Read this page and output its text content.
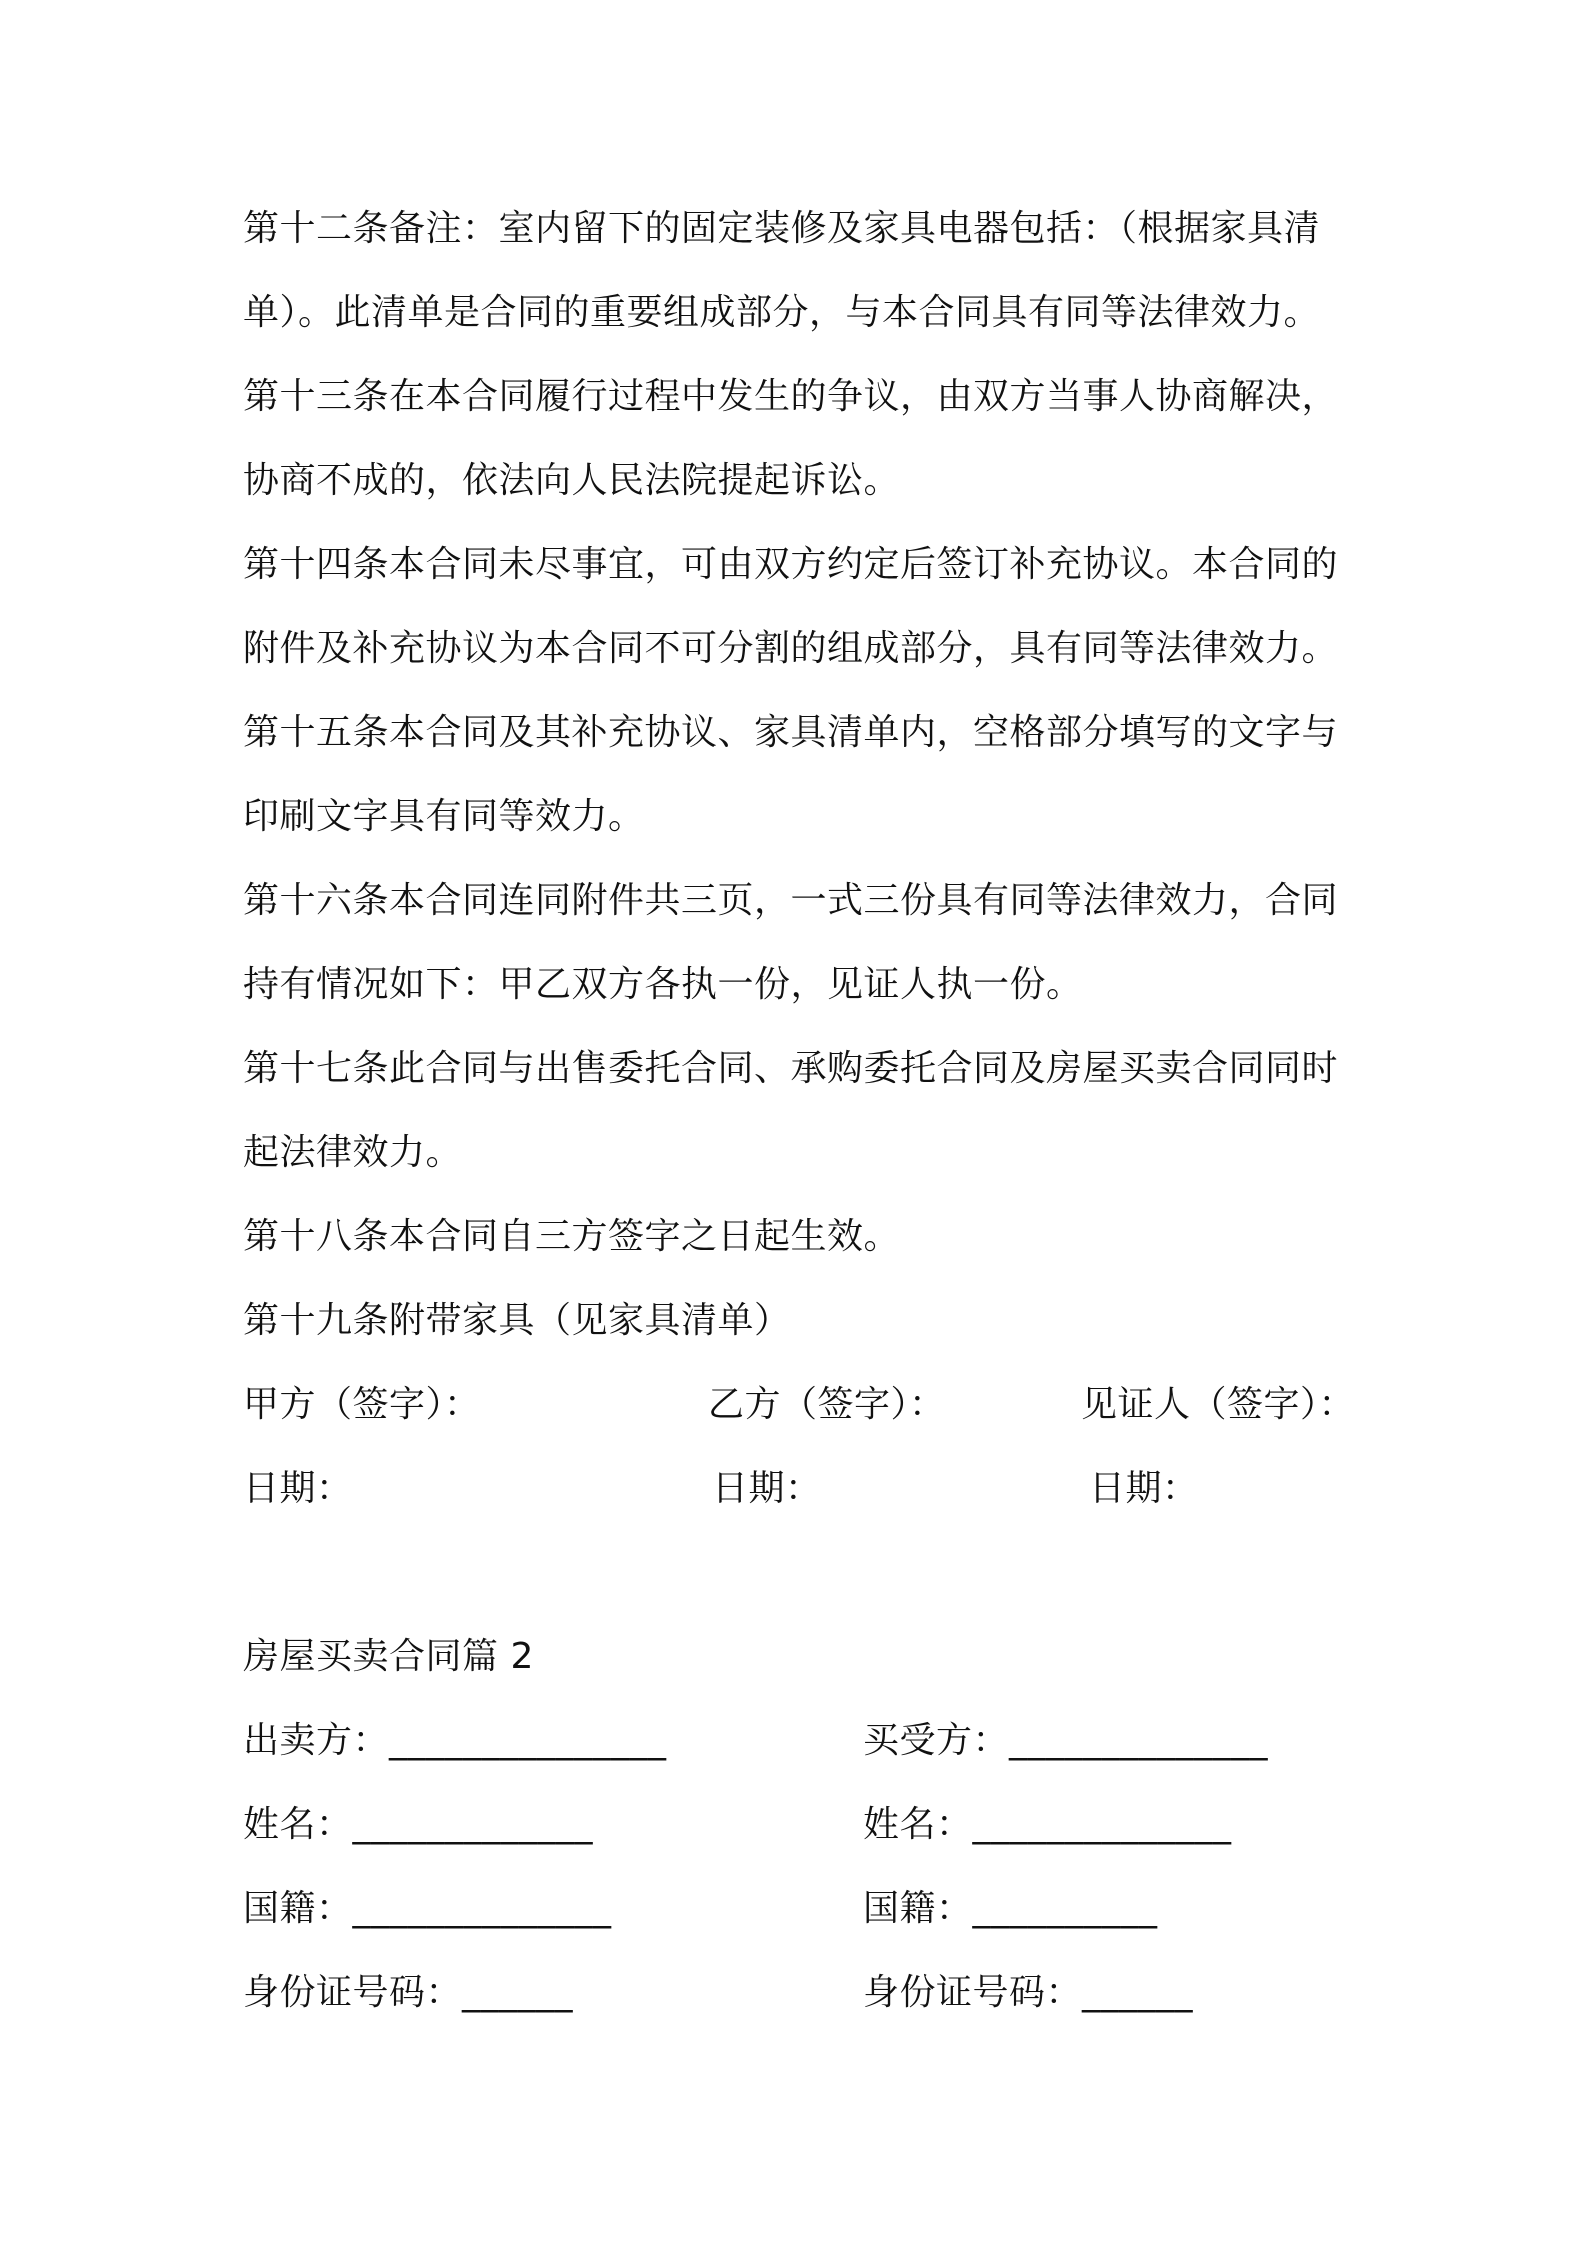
第十二条备注：室内留下的固定装修及家具电器包括：（根据家具清
单）。此清单是合同的重要组成部分，与本合同具有同等法律效力。
第十三条在本合同履行过程中发生的争议，由双方当事人协商解决，
协商不成的，依法向人民法院提起诉讼。
第十四条本合同未尽事宜，可由双方约定后签订补充协议。本合同的
附件及补充协议为本合同不可分割的组成部分，具有同等法律效力。
第十五条本合同及其补充协议、家具清单内，空格部分填写的文字与
印刷文字具有同等效力。
第十六条本合同连同附件共三页，一式三份具有同等法律效力，合同
持有情况如下：甲乙双方各执一份，见证人执一份。
第十七条此合同与出售委托合同、承购委托合同及房屋买卖合同同时
起法律效力。
第十八条本合同自三方签字之日起生效。
第十九条附带家具（见家具清单）
甲方（签字）：	乙方（签字）：	见证人（签字）：
日期：	日期：	日期：
房屋买卖合同篇 2
出卖方：_______________	买受方：______________
姓名：_____________	姓名：______________
国籍：______________	国籍：__________
身份证号码：______	身份证号码：______
